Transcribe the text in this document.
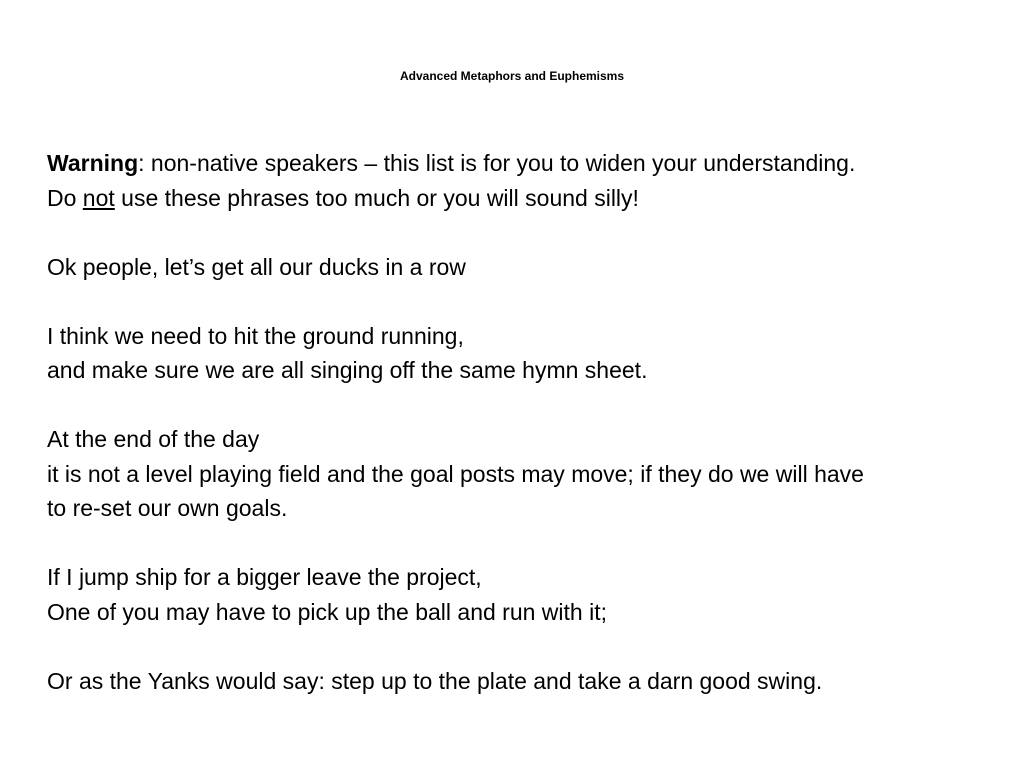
Advanced Metaphors and Euphemisms
Warning: non-native speakers – this list is for you to widen your understanding.
Do not use these phrases too much or you will sound silly!
Ok people, let’s get all our ducks in a row
I think we need to hit the ground running,
and make sure we are all singing off the same hymn sheet.
At the end of the day
it is not a level playing field and the goal posts may move; if they do we will have
to re-set our own goals.
If I jump ship for a bigger leave the project,
One of you may have to pick up the ball and run with it;
Or as the Yanks would say: step up to the plate and take a darn good swing.
